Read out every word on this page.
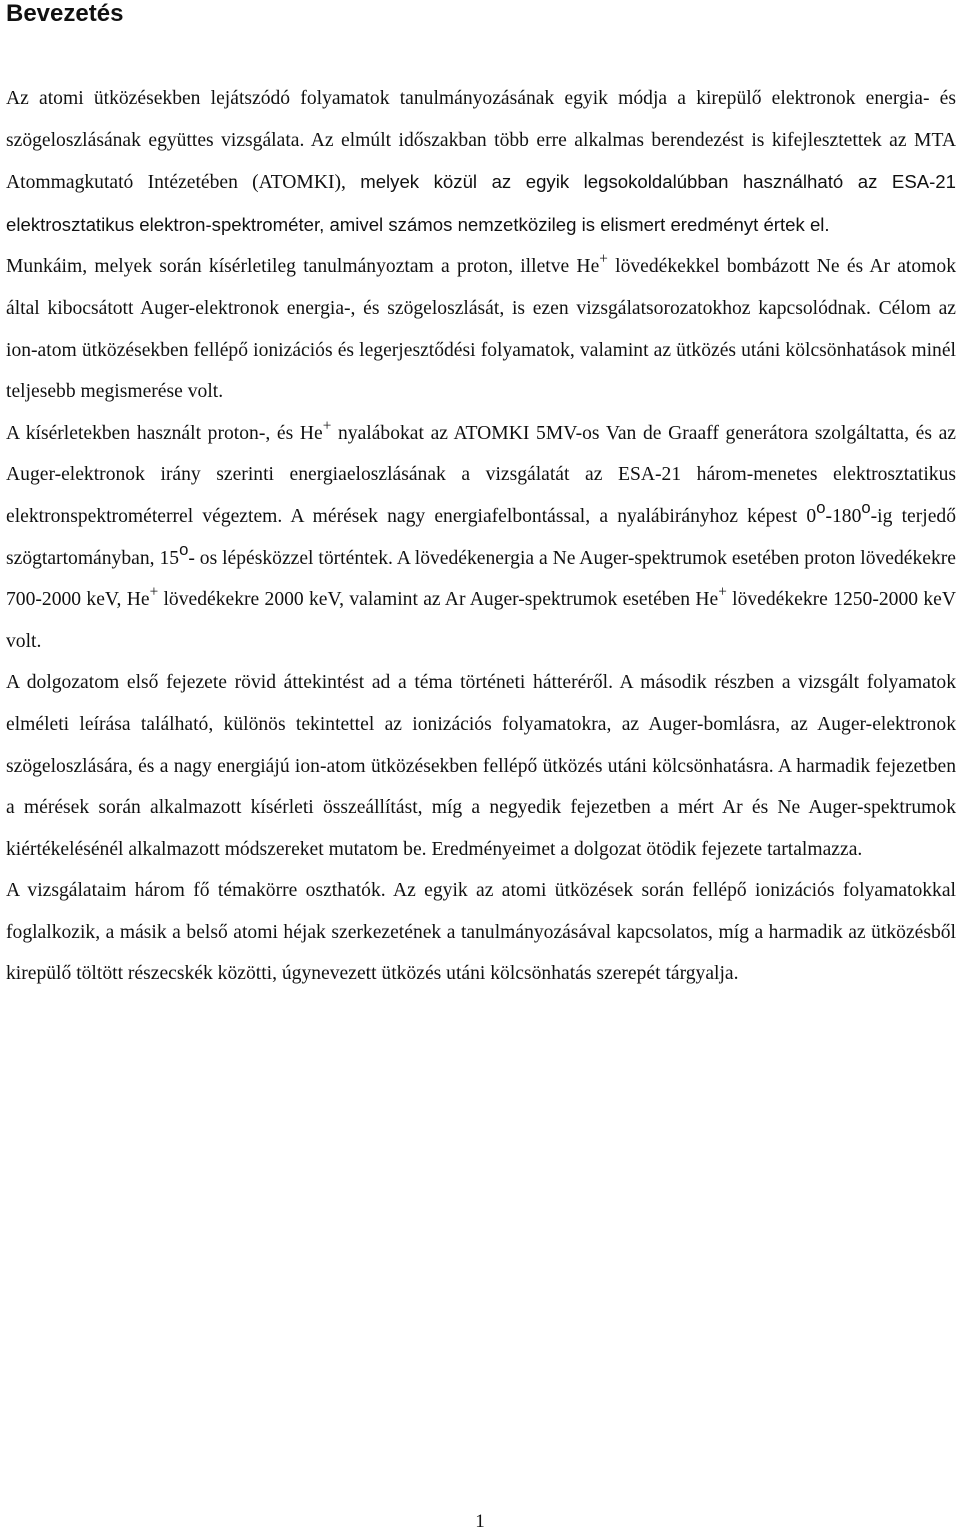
Bevezetés

Az atomi ütközésekben lejátszódó folyamatok tanulmányozásának egyik módja a kirepülő elektronok energia- és szögeloszlásának együttes vizsgálata. Az elmúlt időszakban több erre alkalmas berendezést is kifejlesztettek az MTA Atommagkutató Intézetében (ATOMKI), melyek közül az egyik legsokoldalúbban használható az ESA-21 elektrosztatikus elektron-spektrométer, amivel számos nemzetközileg is elismert eredményt értek el.

Munkáim, melyek során kísérletileg tanulmányoztam a proton, illetve He+ lövedékekkel bombázott Ne és Ar atomok által kibocsátott Auger-elektronok energia-, és szögeloszlását, is ezen vizsgálatsorozatokhoz kapcsolódnak. Célom az ion-atom ütközésekben fellépő ionizációs és legerjesztődési folyamatok, valamint az ütközés utáni kölcsönhatások minél teljesebb megismerése volt.

A kísérletekben használt proton-, és He+ nyalábokat az ATOMKI 5MV-os Van de Graaff generátora szolgáltatta, és az Auger-elektronok irány szerinti energiaeloszlásának a vizsgálatát az ESA-21 három-menetes elektrosztatikus elektronspektrométerrel végeztem. A mérések nagy energiafelbontással, a nyalábirányhoz képest 0$^o$-180$^o$-ig terjedő szögtartományban, 15$^o$- os lépésközzel történtek. A lövedékenergia a Ne Auger-spektrumok esetében proton lövedékekre 700-2000 keV, He+ lövedékekre 2000 keV, valamint az Ar Auger-spektrumok esetében He+ lövedékekre 1250-2000 keV volt.

A dolgozatom első fejezete rövid áttekintést ad a téma történeti hátteréről. A második részben a vizsgált folyamatok elméleti leírása található, különös tekintettel az ionizációs folyamatokra, az Auger-bomlásra, az Auger-elektronok szögeloszlására, és a nagy energiájú ion-atom ütközésekben fellépő ütközés utáni kölcsönhatásra. A harmadik fejezetben a mérések során alkalmazott kísérleti összeállítást, míg a negyedik fejezetben a mért Ar és Ne Auger-spektrumok kiértékelésénél alkalmazott módszereket mutatom be. Eredményeimet a dolgozat ötödik fejezete tartalmazza.

A vizsgálataim három fő témakörre oszthatók. Az egyik az atomi ütközések során fellépő ionizációs folyamatokkal foglalkozik, a másik a belső atomi héjak szerkezetének a tanulmányozásával kapcsolatos, míg a harmadik az ütközésből kirepülő töltött részecskék közötti, úgynevezett ütközés utáni kölcsönhatás szerepét tárgyalja.

1
